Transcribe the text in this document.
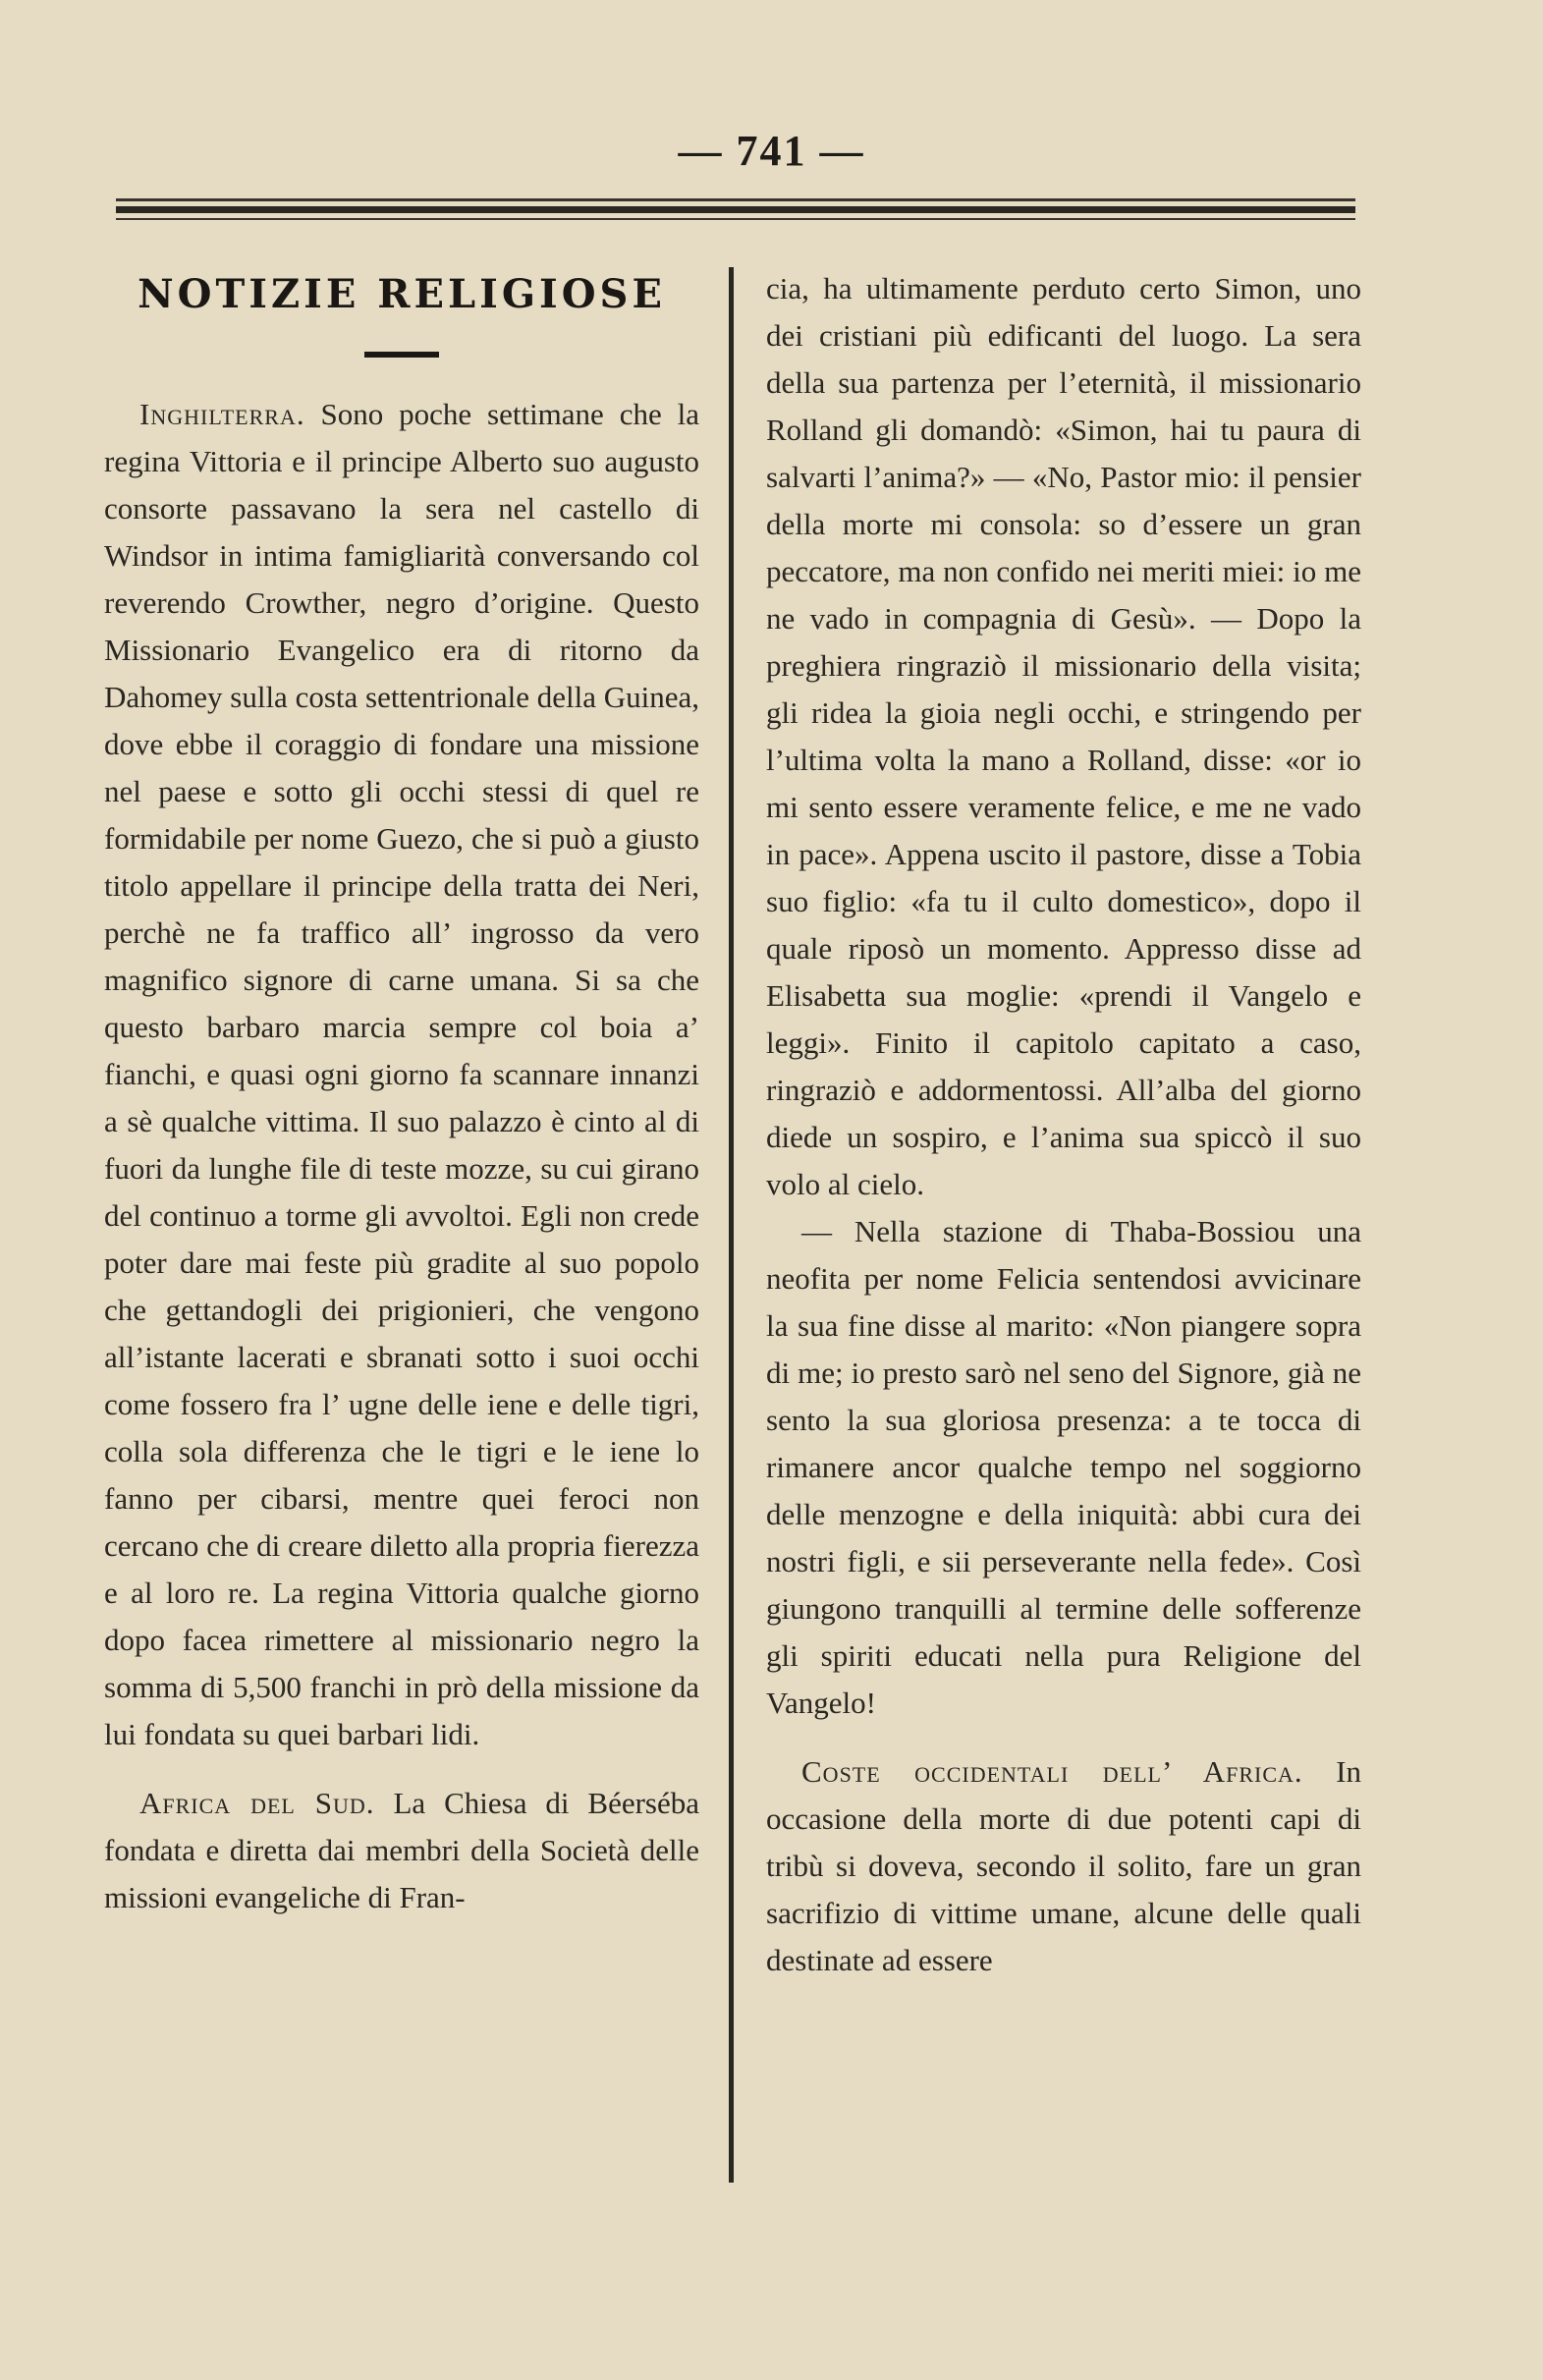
— 741 —
NOTIZIE RELIGIOSE

Inghilterra. Sono poche settimane che la regina Vittoria e il principe Alberto suo augusto consorte passavano la sera nel castello di Windsor in intima famigliarità conversando col reverendo Crowther, negro d’origine. Questo Missionario Evangelico era di ritorno da Dahomey sulla costa settentrionale della Guinea, dove ebbe il coraggio di fondare una missione nel paese e sotto gli occhi stessi di quel re formidabile per nome Guezo, che si può a giusto titolo appellare il principe della tratta dei Neri, perchè ne fa traffico all’ ingrosso da vero magnifico signore di carne umana. Si sa che questo barbaro marcia sempre col boia a’ fianchi, e quasi ogni giorno fa scannare innanzi a sè qualche vittima. Il suo palazzo è cinto al di fuori da lunghe file di teste mozze, su cui girano del continuo a torme gli avvoltoi. Egli non crede poter dare mai feste più gradite al suo popolo che gettandogli dei prigionieri, che vengono all’istante lacerati e sbranati sotto i suoi occhi come fossero fra l’ ugne delle iene e delle tigri, colla sola differenza che le tigri e le iene lo fanno per cibarsi, mentre quei feroci non cercano che di creare diletto alla propria fierezza e al loro re. La regina Vittoria qualche giorno dopo facea rimettere al missionario negro la somma di 5,500 franchi in prò della missione da lui fondata su quei barbari lidi.

Africa del Sud. La Chiesa di Béerséba fondata e diretta dai membri della Società delle missioni evangeliche di Fran-

cia, ha ultimamente perduto certo Simon, uno dei cristiani più edificanti del luogo. La sera della sua partenza per l’eternità, il missionario Rolland gli domandò: «Simon, hai tu paura di salvarti l’anima?» — «No, Pastor mio: il pensier della morte mi consola: so d’essere un gran peccatore, ma non confido nei meriti miei: io me ne vado in compagnia di Gesù». — Dopo la preghiera ringraziò il missionario della visita; gli ridea la gioia negli occhi, e stringendo per l’ultima volta la mano a Rolland, disse: «or io mi sento essere veramente felice, e me ne vado in pace». Appena uscito il pastore, disse a Tobia suo figlio: «fa tu il culto domestico», dopo il quale riposò un momento. Appresso disse ad Elisabetta sua moglie: «prendi il Vangelo e leggi». Finito il capitolo capitato a caso, ringraziò e addormentossi. All’alba del giorno diede un sospiro, e l’anima sua spiccò il suo volo al cielo.

— Nella stazione di Thaba-Bossiou una neofita per nome Felicia sentendosi avvicinare la sua fine disse al marito: «Non piangere sopra di me; io presto sarò nel seno del Signore, già ne sento la sua gloriosa presenza: a te tocca di rimanere ancor qualche tempo nel soggiorno delle menzogne e della iniquità: abbi cura dei nostri figli, e sii perseverante nella fede». Così giungono tranquilli al termine delle sofferenze gli spiriti educati nella pura Religione del Vangelo!

Coste occidentali dell’ Africa. In occasione della morte di due potenti capi di tribù si doveva, secondo il solito, fare un gran sacrifizio di vittime umane, alcune delle quali destinate ad essere
